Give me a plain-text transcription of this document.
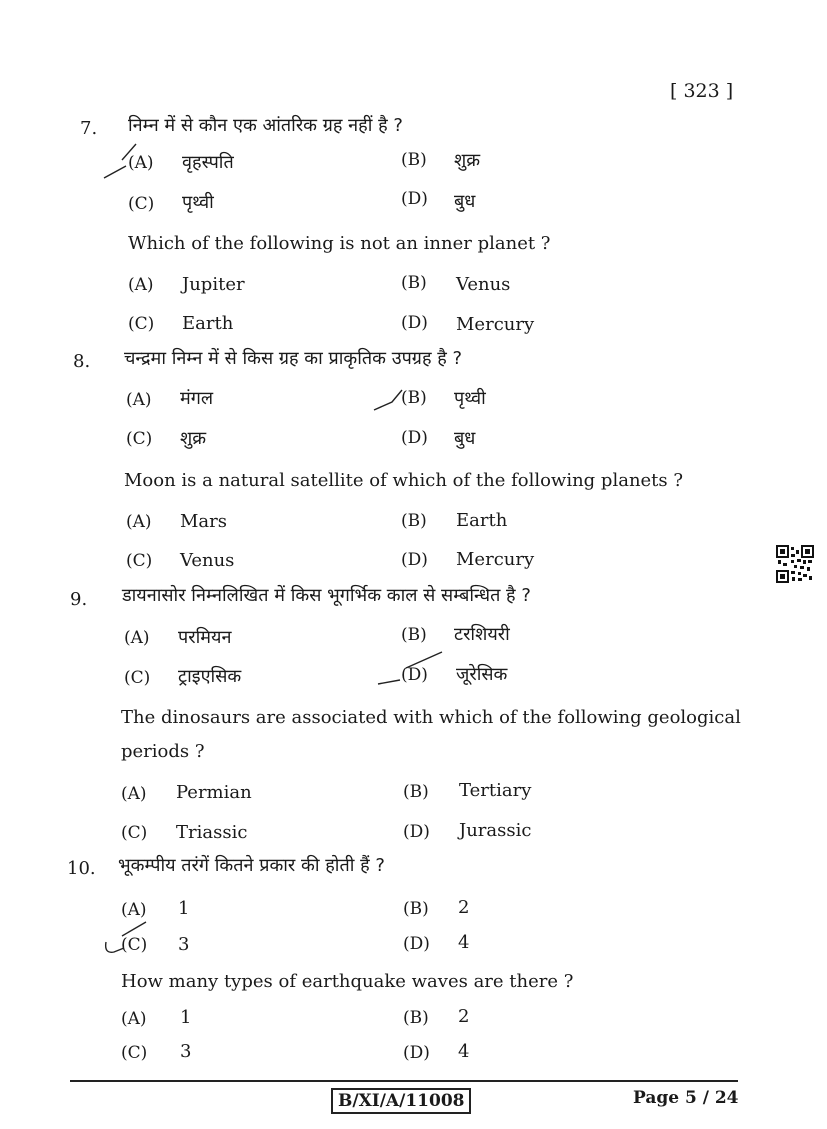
[ 323 ]
7. निम्न में से कौन एक आंतरिक ग्रह नहीं है ?
(A) वृहस्पति	(B) शुक्र
(C) पृथ्वी	(D) बुध
Which of the following is not an inner planet ?
(A) Jupiter	(B) Venus
(C) Earth	(D) Mercury
8. चन्द्रमा निम्न में से किस ग्रह का प्राकृतिक उपग्रह है ?
(A) मंगल	(B) पृथ्वी
(C) शुक्र	(D) बुध
Moon is a natural satellite of which of the following planets ?
(A) Mars	(B) Earth
(C) Venus	(D) Mercury
9. डायनासोर निम्नलिखित में किस भूगर्भिक काल से सम्बन्धित है ?
(A) परमियन	(B) टरशियरी
(C) ट्राइएसिक	(D) जूरेसिक
The dinosaurs are associated with which of the following geological
periods ?
(A) Permian	(B) Tertiary
(C) Triassic	(D) Jurassic
10. भूकम्पीय तरंगें कितने प्रकार की होती हैं ?
(A) 1	(B) 2
(C) 3	(D) 4
How many types of earthquake waves are there ?
(A) 1	(B) 2
(C) 3	(D) 4
B/XI/A/11008	Page 5 / 24
